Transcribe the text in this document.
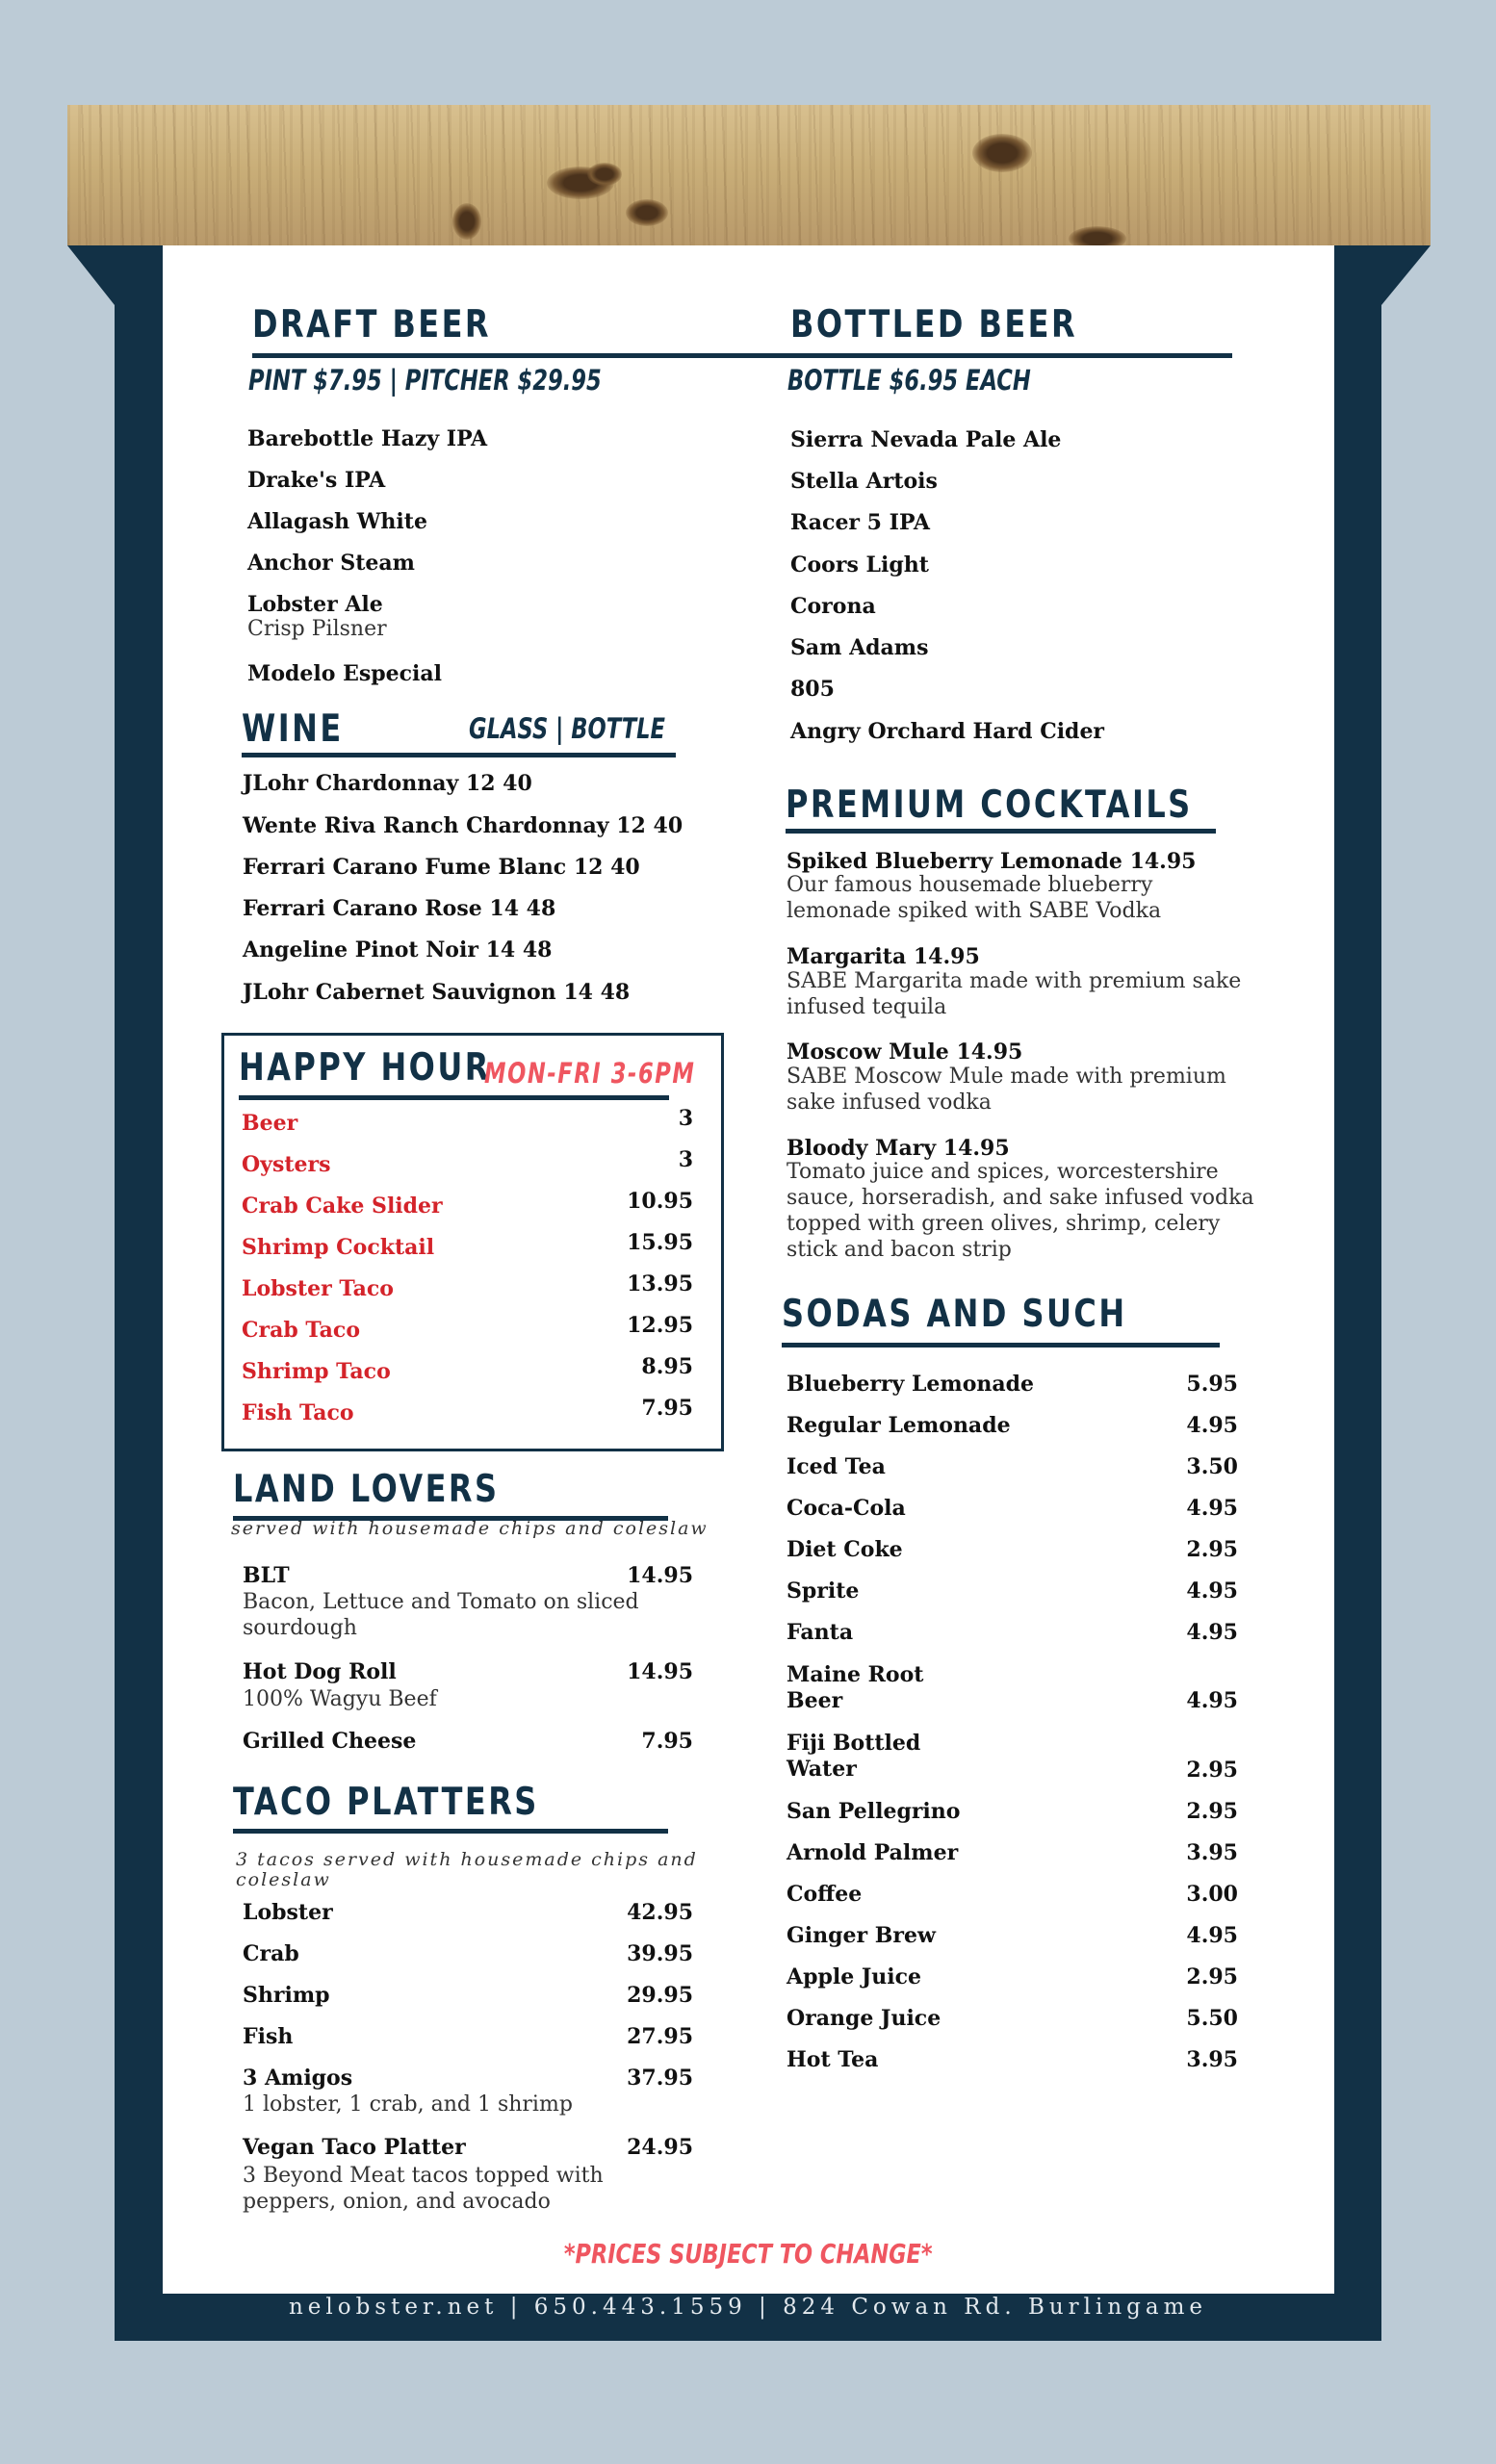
DRAFT BEER
PINT $7.95 | PITCHER $29.95
Barebottle Hazy IPA
Drake's IPA
Allagash White
Anchor Steam
Lobster Ale
Crisp Pilsner
Modelo Especial
WINE	GLASS | BOTTLE
JLohr Chardonnay 12 40
Wente Riva Ranch Chardonnay 12 40
Ferrari Carano Fume Blanc 12 40
Ferrari Carano Rose 14 48
Angeline Pinot Noir 14 48
JLohr Cabernet Sauvignon 14 48
HAPPY HOUR
MON-FRI 3-6PM
Beer	3
Oysters	3
Crab Cake Slider	10.95
Shrimp Cocktail	15.95
Lobster Taco	13.95
Crab Taco	12.95
Shrimp Taco	8.95
Fish Taco	7.95
LAND LOVERS
served with housemade chips and coleslaw
BLT	14.95
Bacon, Lettuce and Tomato on sliced sourdough
Hot Dog Roll	14.95
100% Wagyu Beef
Grilled Cheese	7.95
TACO PLATTERS
3 tacos served with housemade chips and coleslaw
Lobster	42.95
Crab	39.95
Shrimp	29.95
Fish	27.95
3 Amigos	37.95
1 lobster, 1 crab, and 1 shrimp
Vegan Taco Platter	24.95
3 Beyond Meat tacos topped with peppers, onion, and avocado
BOTTLED BEER
BOTTLE $6.95 EACH
Sierra Nevada Pale Ale
Stella Artois
Racer 5 IPA
Coors Light
Corona
Sam Adams
805
Angry Orchard Hard Cider
PREMIUM COCKTAILS
Spiked Blueberry Lemonade 14.95
Our famous housemade blueberry lemonade spiked with SABE Vodka
Margarita 14.95
SABE Margarita made with premium sake infused tequila
Moscow Mule 14.95
SABE Moscow Mule made with premium sake infused vodka
Bloody Mary 14.95
Tomato juice and spices, worcestershire sauce, horseradish, and sake infused vodka topped with green olives, shrimp, celery stick and bacon strip
SODAS AND SUCH
Blueberry Lemonade	5.95
Regular Lemonade	4.95
Iced Tea	3.50
Coca-Cola	4.95
Diet Coke	2.95
Sprite	4.95
Fanta	4.95
Maine Root
Beer	4.95
Fiji Bottled
Water	2.95
San Pellegrino	2.95
Arnold Palmer	3.95
Coffee	3.00
Ginger Brew	4.95
Apple Juice	2.95
Orange Juice	5.50
Hot Tea	3.95
*PRICES SUBJECT TO CHANGE*
nelobster.net | 650.443.1559 | 824 Cowan Rd. Burlingame
